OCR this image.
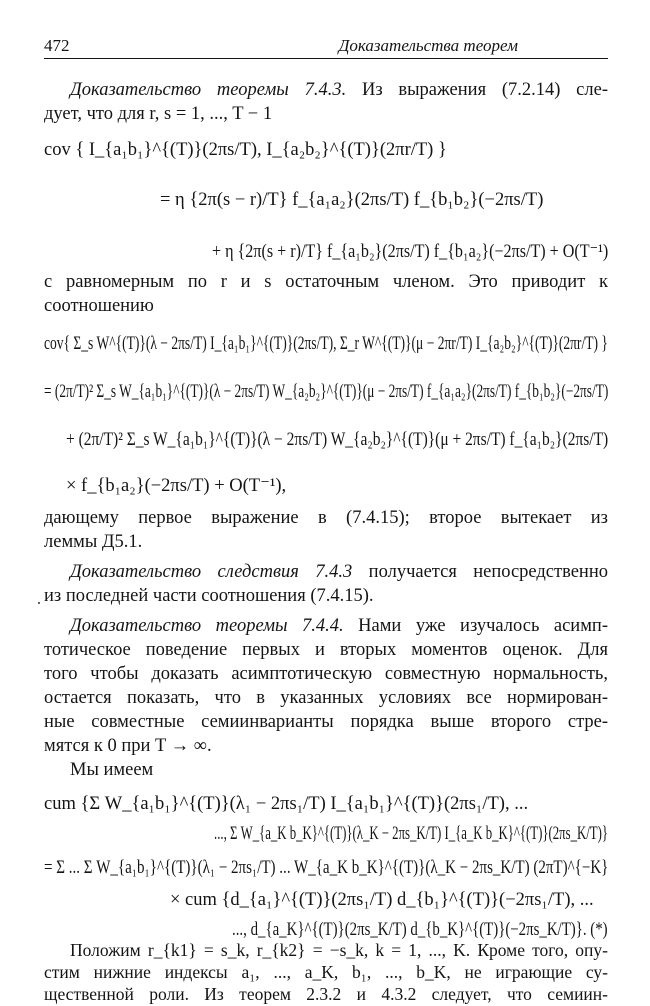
472	Доказательства теорем
Доказательство теоремы 7.4.3. Из выражения (7.2.14) сле-
дует, что для r, s = 1, ..., T − 1
cov { I_{a₁b₁}^{(T)}(2πs/T), I_{a₂b₂}^{(T)}(2πr/T) }
= η {2π(s − r)/T} f_{a₁a₂}(2πs/T) f_{b₁b₂}(−2πs/T)
+ η {2π(s + r)/T} f_{a₁b₂}(2πs/T) f_{b₁a₂}(−2πs/T) + O(T⁻¹)
с равномерным по r и s остаточным членом. Это приводит к
соотношению
cov{ Σ_s W^{(T)}(λ − 2πs/T) I_{a₁b₁}^{(T)}(2πs/T), Σ_r W^{(T)}(μ − 2πr/T) I_{a₂b₂}^{(T)}(2πr/T) }
= (2π/T)² Σ_s W_{a₁b₁}^{(T)}(λ − 2πs/T) W_{a₂b₂}^{(T)}(μ − 2πs/T) f_{a₁a₂}(2πs/T) f_{b₁b₂}(−2πs/T)
+ (2π/T)² Σ_s W_{a₁b₁}^{(T)}(λ − 2πs/T) W_{a₂b₂}^{(T)}(μ + 2πs/T) f_{a₁b₂}(2πs/T)
× f_{b₁a₂}(−2πs/T) + O(T⁻¹),
дающему первое выражение в (7.4.15); второе вытекает из
леммы Д5.1.
Доказательство следствия 7.4.3 получается непосредственно
из последней части соотношения (7.4.15).
Доказательство теоремы 7.4.4. Нами уже изучалось асимп-
тотическое поведение первых и вторых моментов оценок. Для
того чтобы доказать асимптотическую совместную нормальность,
остается показать, что в указанных условиях все нормирован-
ные совместные семиинварианты порядка выше второго стре-
мятся к 0 при T → ∞.
Мы имеем
cum {Σ W_{a₁b₁}^{(T)}(λ₁ − 2πs₁/T) I_{a₁b₁}^{(T)}(2πs₁/T), ...
..., Σ W_{a_K b_K}^{(T)}(λ_K − 2πs_K/T) I_{a_K b_K}^{(T)}(2πs_K/T)}
= Σ ... Σ W_{a₁b₁}^{(T)}(λ₁ − 2πs₁/T) ... W_{a_K b_K}^{(T)}(λ_K − 2πs_K/T) (2πT)^{−K}
× cum {d_{a₁}^{(T)}(2πs₁/T) d_{b₁}^{(T)}(−2πs₁/T), ...
..., d_{a_K}^{(T)}(2πs_K/T) d_{b_K}^{(T)}(−2πs_K/T)}. (*)
Положим r_{k1} = s_k, r_{k2} = −s_k, k = 1, ..., K. Кроме того, опу-
стим нижние индексы a₁, ..., a_K, b₁, ..., b_K, не играющие су-
щественной роли. Из теорем 2.3.2 и 4.3.2 следует, что семиин-
